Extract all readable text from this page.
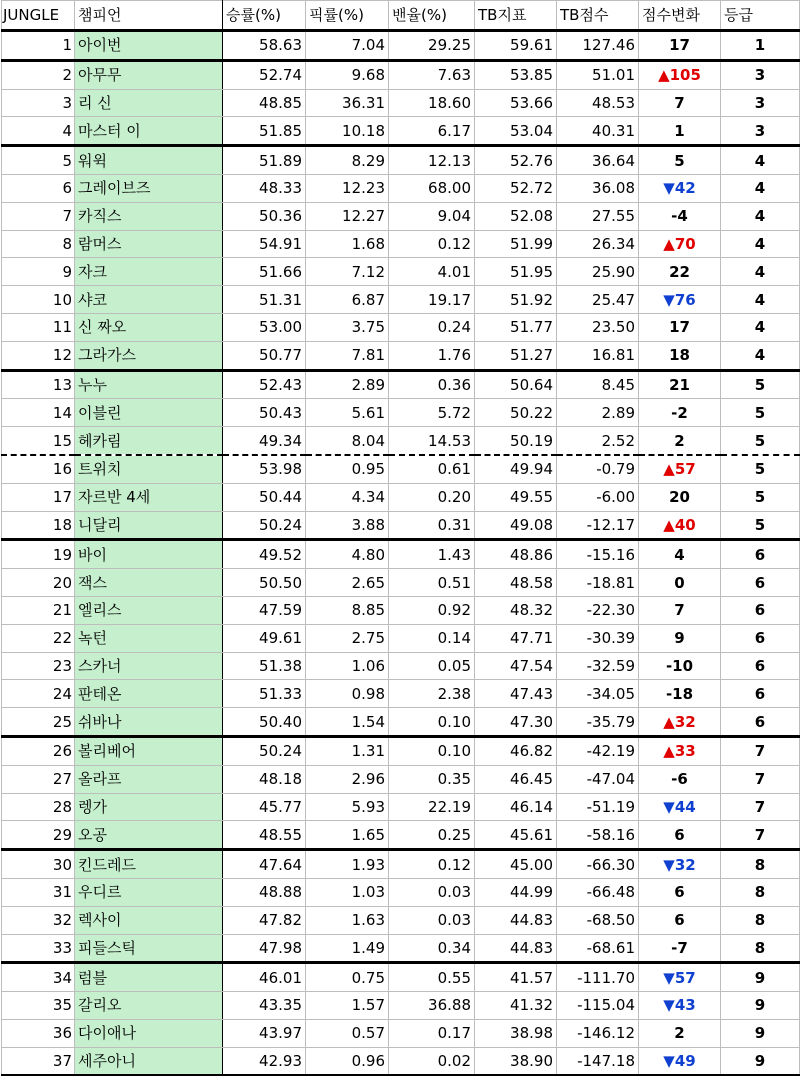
JUNGLE	챔피언	승률(%)	픽률(%)	밴율(%)	TB지표	TB점수	점수변화	등급
1	아이번	58.63	7.04	29.25	59.61	127.46	17	1
2	아무무	52.74	9.68	7.63	53.85	51.01	▲105	3
3	리 신	48.85	36.31	18.60	53.66	48.53	7	3
4	마스터 이	51.85	10.18	6.17	53.04	40.31	1	3
5	워윅	51.89	8.29	12.13	52.76	36.64	5	4
6	그레이브즈	48.33	12.23	68.00	52.72	36.08	▼42	4
7	카직스	50.36	12.27	9.04	52.08	27.55	-4	4
8	람머스	54.91	1.68	0.12	51.99	26.34	▲70	4
9	자크	51.66	7.12	4.01	51.95	25.90	22	4
10	샤코	51.31	6.87	19.17	51.92	25.47	▼76	4
11	신 짜오	53.00	3.75	0.24	51.77	23.50	17	4
12	그라가스	50.77	7.81	1.76	51.27	16.81	18	4
13	누누	52.43	2.89	0.36	50.64	8.45	21	5
14	이블린	50.43	5.61	5.72	50.22	2.89	-2	5
15	헤카림	49.34	8.04	14.53	50.19	2.52	2	5
16	트위치	53.98	0.95	0.61	49.94	-0.79	▲57	5
17	자르반 4세	50.44	4.34	0.20	49.55	-6.00	20	5
18	니달리	50.24	3.88	0.31	49.08	-12.17	▲40	5
19	바이	49.52	4.80	1.43	48.86	-15.16	4	6
20	잭스	50.50	2.65	0.51	48.58	-18.81	0	6
21	엘리스	47.59	8.85	0.92	48.32	-22.30	7	6
22	녹턴	49.61	2.75	0.14	47.71	-30.39	9	6
23	스카너	51.38	1.06	0.05	47.54	-32.59	-10	6
24	판테온	51.33	0.98	2.38	47.43	-34.05	-18	6
25	쉬바나	50.40	1.54	0.10	47.30	-35.79	▲32	6
26	볼리베어	50.24	1.31	0.10	46.82	-42.19	▲33	7
27	올라프	48.18	2.96	0.35	46.45	-47.04	-6	7
28	렝가	45.77	5.93	22.19	46.14	-51.19	▼44	7
29	오공	48.55	1.65	0.25	45.61	-58.16	6	7
30	킨드레드	47.64	1.93	0.12	45.00	-66.30	▼32	8
31	우디르	48.88	1.03	0.03	44.99	-66.48	6	8
32	렉사이	47.82	1.63	0.03	44.83	-68.50	6	8
33	피들스틱	47.98	1.49	0.34	44.83	-68.61	-7	8
34	럼블	46.01	0.75	0.55	41.57	-111.70	▼57	9
35	갈리오	43.35	1.57	36.88	41.32	-115.04	▼43	9
36	다이애나	43.97	0.57	0.17	38.98	-146.12	2	9
37	세주아니	42.93	0.96	0.02	38.90	-147.18	▼49	9
